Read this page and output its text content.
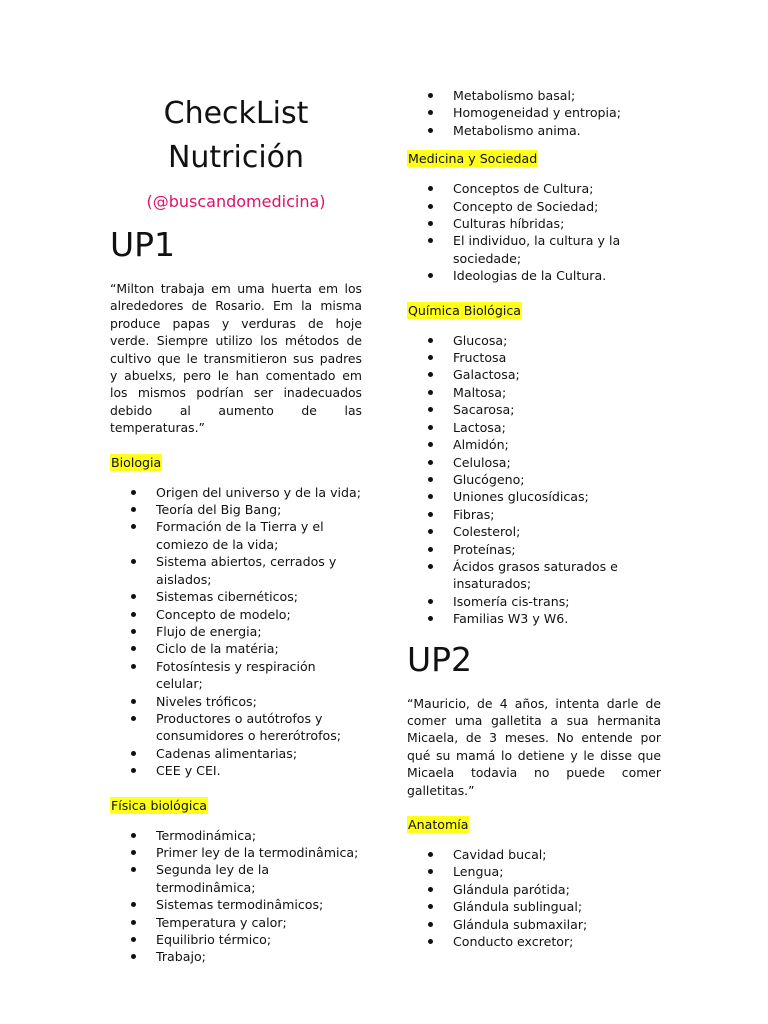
CheckList
Nutrición
(@buscandomedicina)
UP1

“Milton trabaja em uma huerta em los alrededores de Rosario. Em la misma produce papas y verduras de hoje verde. Siempre utilizo los métodos de cultivo que le transmitieron sus padres y abuelxs, pero le han comentado em los mismos podrían ser inadecuados debido al aumento de las temperaturas.”

Biologia
Origen del universo y de la vida;
Teoría del Big Bang;
Formación de la Tierra y el comiezo de la vida;
Sistema abiertos, cerrados y aislados;
Sistemas cibernéticos;
Concepto de modelo;
Flujo de energia;
Ciclo de la matéria;
Fotosíntesis y respiración celular;
Niveles tróficos;
Productores o autótrofos y consumidores o hererótrofos;
Cadenas alimentarias;
CEE y CEI.
Física biológica
Termodinámica;
Primer ley de la termodinâmica;
Segunda ley de la termodinâmica;
Sistemas termodinâmicos;
Temperatura y calor;
Equilibrio térmico;
Trabajo;
Metabolismo basal;
Homogeneidad y entropia;
Metabolismo anima.
Medicina y Sociedad
Conceptos de Cultura;
Concepto de Sociedad;
Culturas híbridas;
El individuo, la cultura y la sociedade;
Ideologias de la Cultura.
Química Biológica
Glucosa;
Fructosa
Galactosa;
Maltosa;
Sacarosa;
Lactosa;
Almidón;
Celulosa;
Glucógeno;
Uniones glucosídicas;
Fibras;
Colesterol;
Proteínas;
Ácidos grasos saturados e insaturados;
Isomería cis-trans;
Familias W3 y W6.
UP2

“Mauricio, de 4 años, intenta darle de comer uma galletita a sua hermanita Micaela, de 3 meses. No entende por qué su mamá lo detiene y le disse que Micaela todavia no puede comer galletitas.”

Anatomía
Cavidad bucal;
Lengua;
Glándula parótida;
Glándula sublingual;
Glándula submaxilar;
Conducto excretor;
